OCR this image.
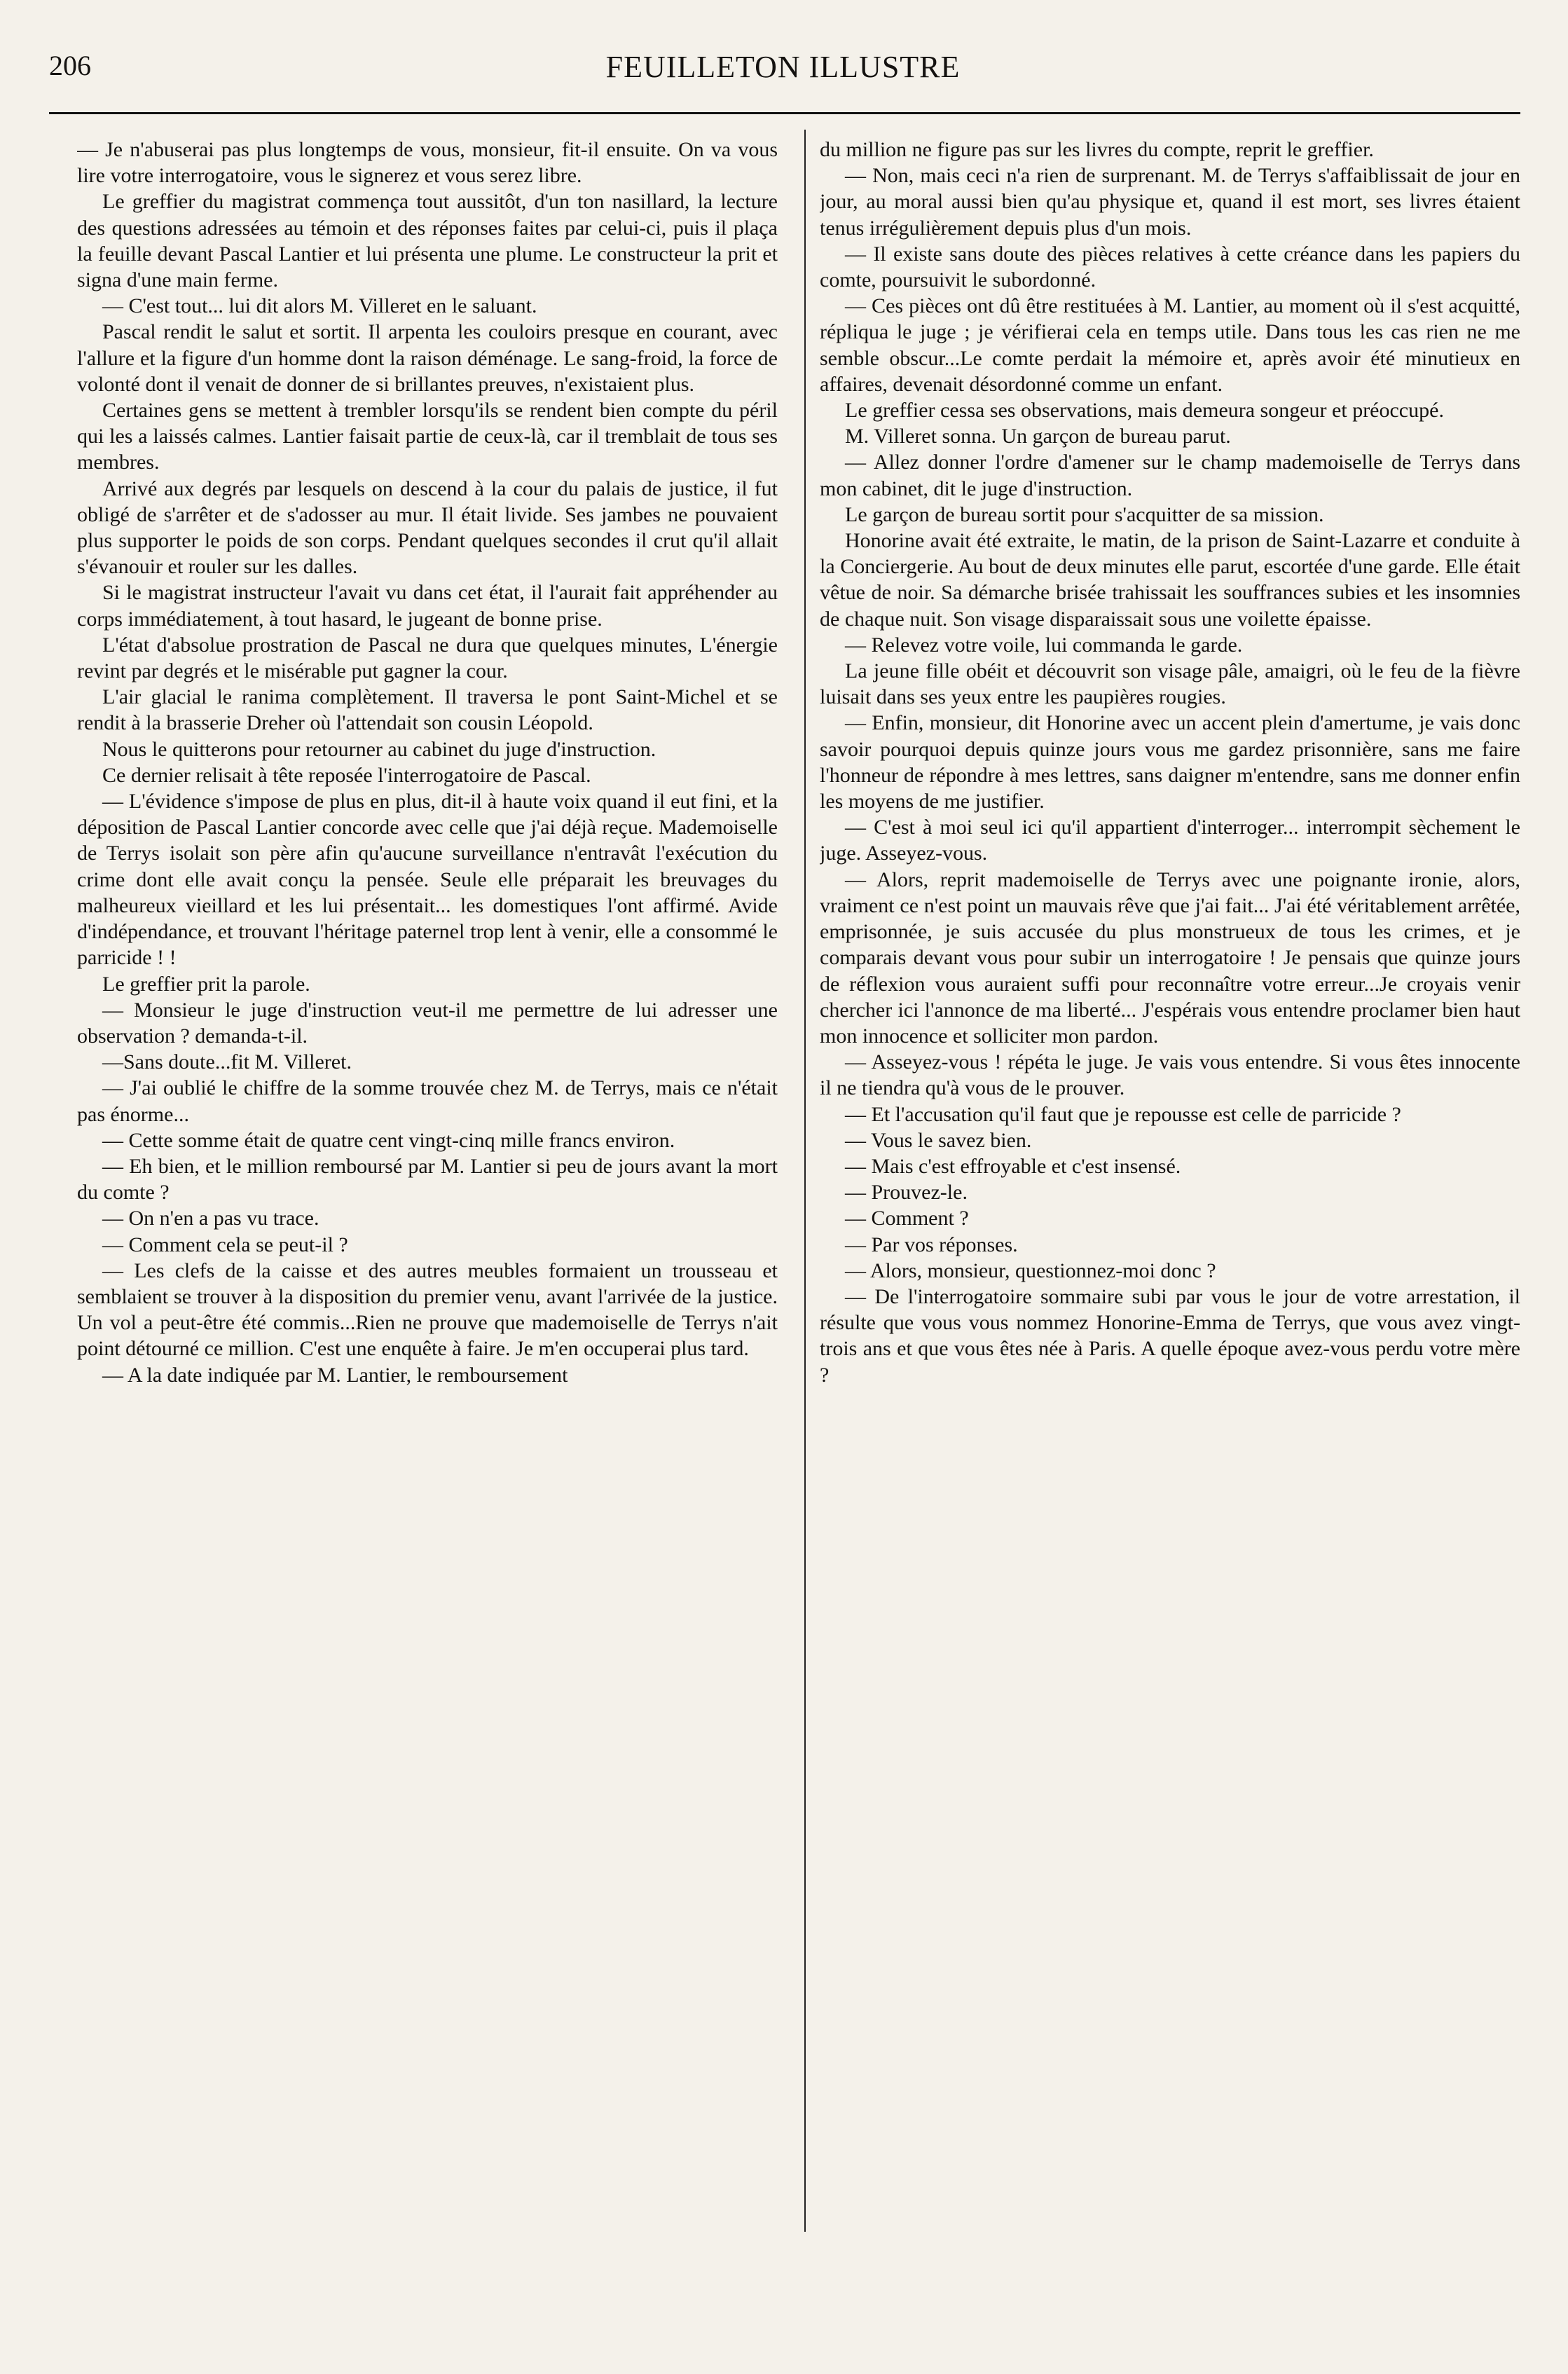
206	FEUILLETON ILLUSTRE

— Je n'abuserai pas plus longtemps de vous, monsieur, fit-il ensuite. On va vous lire votre interrogatoire, vous le signerez et vous serez libre.

Le greffier du magistrat commença tout aussitôt, d'un ton nasillard, la lecture des questions adressées au témoin et des réponses faites par celui-ci, puis il plaça la feuille devant Pascal Lantier et lui présenta une plume. Le constructeur la prit et signa d'une main ferme.

— C'est tout... lui dit alors M. Villeret en le saluant.

Pascal rendit le salut et sortit. Il arpenta les couloirs presque en courant, avec l'allure et la figure d'un homme dont la raison déménage. Le sang-froid, la force de volonté dont il venait de donner de si brillantes preuves, n'existaient plus.

Certaines gens se mettent à trembler lorsqu'ils se rendent bien compte du péril qui les a laissés calmes. Lantier faisait partie de ceux-là, car il tremblait de tous ses membres.

Arrivé aux degrés par lesquels on descend à la cour du palais de justice, il fut obligé de s'arrêter et de s'adosser au mur. Il était livide. Ses jambes ne pouvaient plus supporter le poids de son corps. Pendant quelques secondes il crut qu'il allait s'évanouir et rouler sur les dalles.

Si le magistrat instructeur l'avait vu dans cet état, il l'aurait fait appréhender au corps immédiatement, à tout hasard, le jugeant de bonne prise.

L'état d'absolue prostration de Pascal ne dura que quelques minutes, L'énergie revint par degrés et le misérable put gagner la cour.

L'air glacial le ranima complètement. Il traversa le pont Saint-Michel et se rendit à la brasserie Dreher où l'attendait son cousin Léopold.

Nous le quitterons pour retourner au cabinet du juge d'instruction.

Ce dernier relisait à tête reposée l'interrogatoire de Pascal.

— L'évidence s'impose de plus en plus, dit-il à haute voix quand il eut fini, et la déposition de Pascal Lantier concorde avec celle que j'ai déjà reçue. Mademoiselle de Terrys isolait son père afin qu'aucune surveillance n'entravât l'exécution du crime dont elle avait conçu la pensée. Seule elle préparait les breuvages du malheureux vieillard et les lui présentait... les domestiques l'ont affirmé. Avide d'indépendance, et trouvant l'héritage paternel trop lent à venir, elle a consommé le parricide ! !

Le greffier prit la parole.

— Monsieur le juge d'instruction veut-il me permettre de lui adresser une observation ? demanda-t-il.

—Sans doute...fit M. Villeret.

— J'ai oublié le chiffre de la somme trouvée chez M. de Terrys, mais ce n'était pas énorme...

— Cette somme était de quatre cent vingt-cinq mille francs environ.

— Eh bien, et le million remboursé par M. Lantier si peu de jours avant la mort du comte ?

— On n'en a pas vu trace.

— Comment cela se peut-il ?

— Les clefs de la caisse et des autres meubles formaient un trousseau et semblaient se trouver à la disposition du premier venu, avant l'arrivée de la justice. Un vol a peut-être été commis...Rien ne prouve que mademoiselle de Terrys n'ait point détourné ce million. C'est une enquête à faire. Je m'en occuperai plus tard.

— A la date indiquée par M. Lantier, le remboursement

du million ne figure pas sur les livres du compte, reprit le greffier.

— Non, mais ceci n'a rien de surprenant. M. de Terrys s'affaiblissait de jour en jour, au moral aussi bien qu'au physique et, quand il est mort, ses livres étaient tenus irrégulièrement depuis plus d'un mois.

— Il existe sans doute des pièces relatives à cette créance dans les papiers du comte, poursuivit le subordonné.

— Ces pièces ont dû être restituées à M. Lantier, au moment où il s'est acquitté, répliqua le juge ; je vérifierai cela en temps utile. Dans tous les cas rien ne me semble obscur...Le comte perdait la mémoire et, après avoir été minutieux en affaires, devenait désordonné comme un enfant.

Le greffier cessa ses observations, mais demeura songeur et préoccupé.

M. Villeret sonna. Un garçon de bureau parut.

— Allez donner l'ordre d'amener sur le champ mademoiselle de Terrys dans mon cabinet, dit le juge d'instruction.

Le garçon de bureau sortit pour s'acquitter de sa mission.

Honorine avait été extraite, le matin, de la prison de Saint-Lazarre et conduite à la Conciergerie. Au bout de deux minutes elle parut, escortée d'une garde. Elle était vêtue de noir. Sa démarche brisée trahissait les souffrances subies et les insomnies de chaque nuit. Son visage disparaissait sous une voilette épaisse.

— Relevez votre voile, lui commanda le garde.

La jeune fille obéit et découvrit son visage pâle, amaigri, où le feu de la fièvre luisait dans ses yeux entre les paupières rougies.

— Enfin, monsieur, dit Honorine avec un accent plein d'amertume, je vais donc savoir pourquoi depuis quinze jours vous me gardez prisonnière, sans me faire l'honneur de répondre à mes lettres, sans daigner m'entendre, sans me donner enfin les moyens de me justifier.

— C'est à moi seul ici qu'il appartient d'interroger... interrompit sèchement le juge. Asseyez-vous.

— Alors, reprit mademoiselle de Terrys avec une poignante ironie, alors, vraiment ce n'est point un mauvais rêve que j'ai fait... J'ai été véritablement arrêtée, emprisonnée, je suis accusée du plus monstrueux de tous les crimes, et je comparais devant vous pour subir un interrogatoire ! Je pensais que quinze jours de réflexion vous auraient suffi pour reconnaître votre erreur...Je croyais venir chercher ici l'annonce de ma liberté... J'espérais vous entendre proclamer bien haut mon innocence et solliciter mon pardon.

— Asseyez-vous ! répéta le juge. Je vais vous entendre. Si vous êtes innocente il ne tiendra qu'à vous de le prouver.

— Et l'accusation qu'il faut que je repousse est celle de parricide ?

— Vous le savez bien.

— Mais c'est effroyable et c'est insensé.

— Prouvez-le.

— Comment ?

— Par vos réponses.

— Alors, monsieur, questionnez-moi donc ?

— De l'interrogatoire sommaire subi par vous le jour de votre arrestation, il résulte que vous vous nommez Honorine-Emma de Terrys, que vous avez vingt-trois ans et que vous êtes née à Paris. A quelle époque avez-vous perdu votre mère ?
